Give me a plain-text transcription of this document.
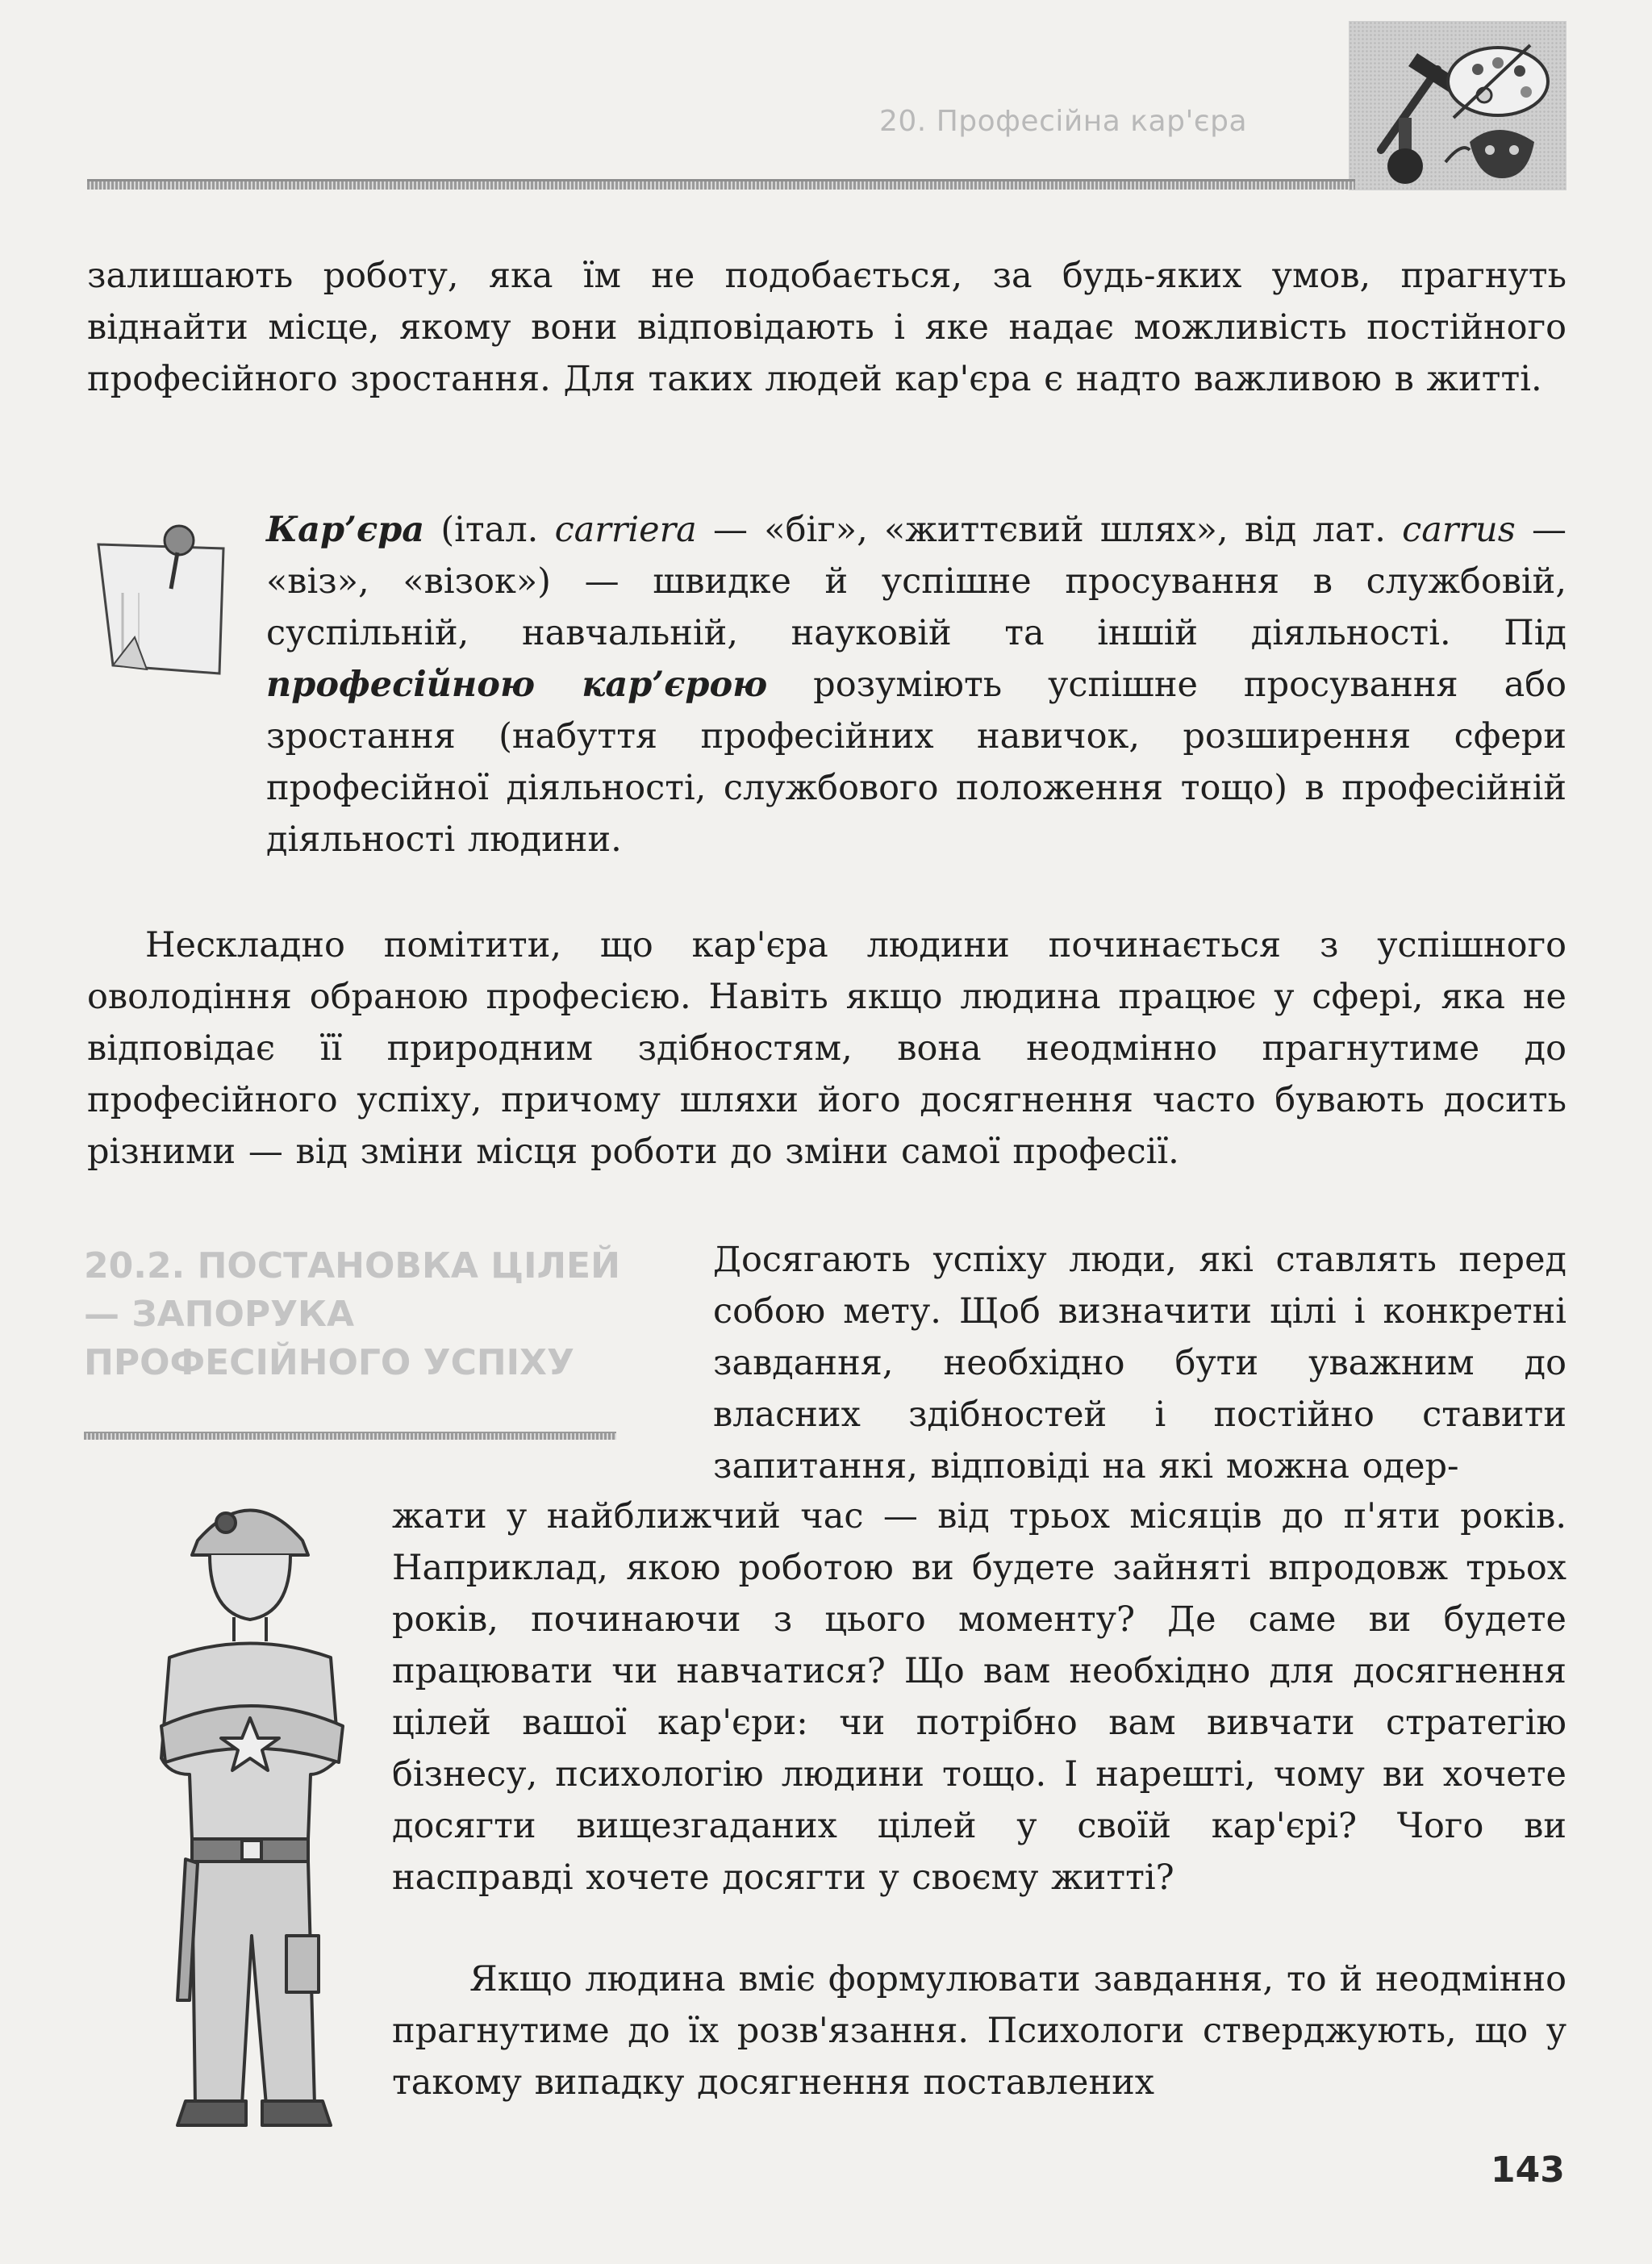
20. Професійна кар'єра

залишають роботу, яка їм не подобається, за будь-яких умов, прагнуть віднайти місце, якому вони відповідають і яке надає можливість постійного професійного зростання. Для таких людей кар'єра є надто важливою в житті.

Кар’єра (італ. carriera — «біг», «життєвий шлях», від лат. carrus — «віз», «візок») — швидке й успішне просування в службовій, суспільній, навчальній, науковій та іншій діяльності. Під професійною кар’єрою розуміють успішне просування або зростання (набуття професійних навичок, розширення сфери професійної діяльності, службового положення тощо) в професійній діяльності людини.

Нескладно помітити, що кар'єра людини починається з успішного оволодіння обраною професією. Навіть якщо людина працює у сфері, яка не відповідає її природним здібностям, вона неодмінно прагнутиме до професійного успіху, причому шляхи його досягнення часто бувають досить різними — від зміни місця роботи до зміни самої професії.

20.2. ПОСТАНОВКА ЦІЛЕЙ — ЗАПОРУКА ПРОФЕСІЙНОГО УСПІХУ

Досягають успіху люди, які ставлять перед собою мету. Щоб визначити цілі і конкретні завдання, необхідно бути уважним до власних здібностей і постійно ставити запитання, відповіді на які можна одер-

жати у найближчий час — від трьох місяців до п'яти років. Наприклад, якою роботою ви будете зайняті впродовж трьох років, починаючи з цього моменту? Де саме ви будете працювати чи навчатися? Що вам необхідно для досягнення цілей вашої кар'єри: чи потрібно вам вивчати стратегію бізнесу, психологію людини тощо. І нарешті, чому ви хочете досягти вищезгаданих цілей у своїй кар'єрі? Чого ви насправді хочете досягти у своєму житті?

Якщо людина вміє формулювати завдання, то й неодмінно прагнутиме до їх розв'язання. Психологи стверджують, що у такому випадку досягнення поставлених

143
